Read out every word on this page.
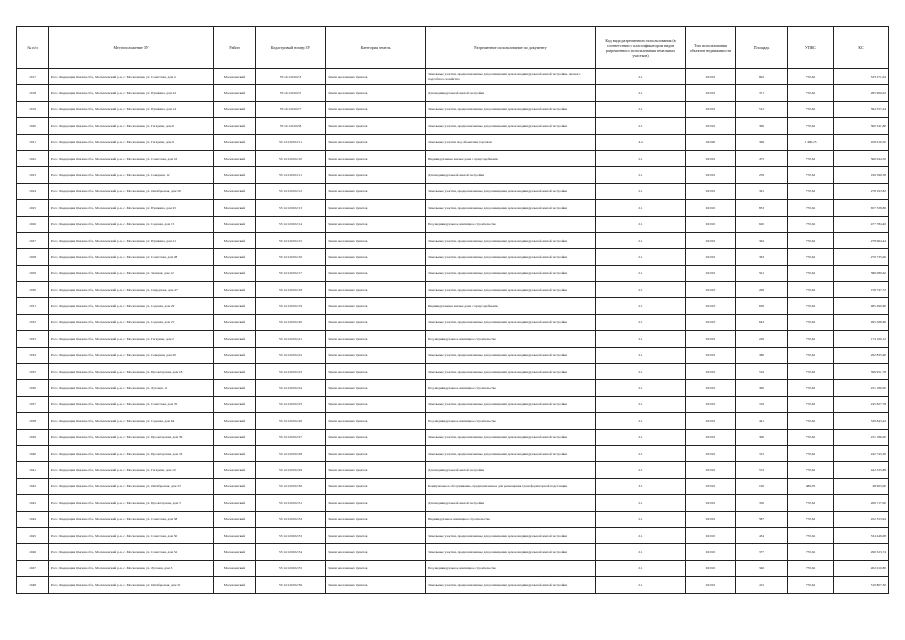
№ п/п	Местоположение ЗУ	Район	Кадастровый номер ЗУ	Категория земель	Разрешенное использование по документу	Код вида разрешенного использования (в соответствии с классификатором видов разрешенного использования земельных участков)	Тип использования объектов недвижимости	Площадь	УПКС	КС
1017	Росс. Федерация Омская обл., Москаленский р-н, с. Москаленки, ул. Советская, дом 4	Москаленский	55:14:120102:3	Земли населенных пунктов	Земельные участки, предназначенные для размещения домов индивидуальной жилой застройки, личного подсобного хозяйства	2.1	02:010	692	770,62	533 271,04
1018	Росс. Федерация Омская обл., Москаленский р-н, с. Москаленки, ул. Пушкина, дом 22	Москаленский	55:14:120102:5	Земли населенных пунктов	Для индивидуальной жилой застройки	2.1	02:010	371	770,62	285 900,02
1019	Росс. Федерация Омская обл., Москаленский р-н, с. Москаленки, ул. Пушкина, дом 14	Москаленский	55:14:120102:7	Земли населенных пунктов	Земельные участки, предназначенные для размещения домов индивидуальной жилой застройки	2.1	02:010	512	770,62	394 557,44
1020	Росс. Федерация Омская обл., Москаленский р-н, с. Москаленки, ул. Гагарина, дом 6	Москаленский	55:14:120102:8	Земли населенных пунктов	Земельные участки, предназначенные для размещения домов индивидуальной жилой застройки	2.1	02:010	390	770,62	300 541,80
1021	Росс. Федерация Омская обл., Москаленский р-н, с. Москаленки, ул. Гагарина, дом 9	Москаленский	55:14:120102:11	Земли населенных пунктов	Земельные участки под объектами торговли	4.4	04:040	306	1 490,25	456 016,50
1022	Росс. Федерация Омская обл., Москаленский р-н, с. Москаленки, ул. Советская, дом 16	Москаленский	55:14:120102:10	Земли населенных пунктов	Индивидуальные жилые дома с приусадебными	2.1	02:010	475	770,62	366 044,50
1023	Росс. Федерация Омская обл., Москаленский р-н, с. Москаленки, ул. Северная, 12	Москаленский	55:14:120102:11	Земли населенных пунктов	Для индивидуальной жилой застройки	2.1	02:010	259	770,62	199 590,58
1024	Росс. Федерация Омская обл., Москаленский р-н, с. Москаленки, ул. Октябрьская, дом 58	Москаленский	55:14:120102:12	Земли населенных пунктов	Земельные участки, предназначенные для размещения домов индивидуальной жилой застройки	2.1	02:010	361	770,62	278 193,82
1025	Росс. Федерация Омская обл., Москаленский р-н, с. Москаленки, ул. Пушкина, дом 25	Москаленский	55:14:120102:13	Земли населенных пунктов	Земельные участки, предназначенные для размещения домов индивидуальной жилой застройки	2.1	02:010	853	770,62	657 338,86
1026	Росс. Федерация Омская обл., Москаленский р-н, с. Москаленки, ул. Садовая, дом 15	Москаленский	55:14:120102:14	Земли населенных пунктов	Под индивидуальное жилищное строительство	2.1	02:010	620	770,62	477 784,40
1027	Росс. Федерация Омская обл., Москаленский р-н, с. Москаленки, ул. Пушкина, дом 21	Москаленский	55:14:120102:15	Земли населенных пунктов	Земельные участки, предназначенные для размещения домов индивидуальной жилой застройки	2.1	02:010	362	770,62	278 964,44
1028	Росс. Федерация Омская обл., Москаленский р-н, с. Москаленки, ул. Советская, дом 28	Москаленский	55:14:120102:16	Земли населенных пунктов	Земельные участки, предназначенные для размещения домов индивидуальной жилой застройки	2.1	02:010	363	770,62	279 735,06
1029	Росс. Федерация Омская обл., Москаленский р-н, с. Москаленки, ул. Зеленая, дом 12	Москаленский	55:14:120102:17	Земли населенных пунктов	Земельные участки, предназначенные для размещения домов индивидуальной жилой застройки	2.1	02:010	501	770,62	386 080,62
1030	Росс. Федерация Омская обл., Москаленский р-н, с. Москаленки, ул. Свердлова, дом 47	Москаленский	55:14:120102:18	Земли населенных пунктов	Земельные участки, предназначенные для размещения домов индивидуальной жилой застройки	2.1	02:010	206	770,62	158 747,72
1031	Росс. Федерация Омская обл., Москаленский р-н, с. Москаленки, ул. Садовая, дом 29	Москаленский	55:14:120102:19	Земли населенных пунктов	Индивидуальные жилые дома с приусадебными	2.1	02:010	630	770,62	485 490,60
1032	Росс. Федерация Омская обл., Москаленский р-н, с. Москаленки, ул. Садовая, дом 27	Москаленский	55:14:120102:20	Земли населенных пунктов	Земельные участки, предназначенные для размещения домов индивидуальной жилой застройки	2.1	02:010	643	770,62	495 508,66
1033	Росс. Федерация Омская обл., Москаленский р-н, с. Москаленки, ул. Гагарина, дом 2	Москаленский	55:14:120102:21	Земли населенных пунктов	Под индивидуальное жилищное строительство	2.1	02:010	226	770,62	174 160,12
1034	Росс. Федерация Омская обл., Москаленский р-н, с. Москаленки, ул. Северная, дом 20	Москаленский	55:14:120102:22	Земли населенных пунктов	Земельные участки, предназначенные для размещения домов индивидуальной жилой застройки	2.1	02:010	380	770,62	292 835,60
1035	Росс. Федерация Омская обл., Москаленский р-н, с. Москаленки, ул. Пролетарская, дом 18	Москаленский	55:14:120102:23	Земли населенных пунктов	Земельные участки, предназначенные для размещения домов индивидуальной жилой застройки	2.1	02:010	519	770,62	399 951,78
1036	Росс. Федерация Омская обл., Москаленский р-н, с. Москаленки, ул. Луговая, 11	Москаленский	55:14:120102:24	Земли населенных пунктов	Под индивидуальное жилищное строительство	2.1	02:010	300	770,62	231 186,00
1037	Росс. Федерация Омская обл., Москаленский р-н, с. Москаленки, ул. Советская, дом 35	Москаленский	55:14:120102:25	Земли населенных пунктов	Земельные участки, предназначенные для размещения домов индивидуальной жилой застройки	2.1	02:010	319	770,62	245 827,78
1038	Росс. Федерация Омская обл., Москаленский р-н, с. Москаленки, ул. Садовая, дом 64	Москаленский	55:14:120102:26	Земли населенных пунктов	Под индивидуальное жилищное строительство	2.1	02:010	441	770,62	339 843,42
1039	Росс. Федерация Омская обл., Москаленский р-н, с. Москаленки, ул. Пролетарская, дом 39	Москаленский	55:14:120102:27	Земли населенных пунктов	Земельные участки, предназначенные для размещения домов индивидуальной жилой застройки	2.1	02:010	300	770,62	231 186,00
1040	Росс. Федерация Омская обл., Москаленский р-н, с. Москаленки, ул. Пролетарская, дом 33	Москаленский	55:14:120102:28	Земли населенных пунктов	Земельные участки, предназначенные для размещения домов индивидуальной жилой застройки	2.1	02:010	315	770,62	242 745,30
1041	Росс. Федерация Омская обл., Москаленский р-н, с. Москаленки, ул. Гагарина, дом 10	Москаленский	55:14:120102:29	Земли населенных пунктов	Для индивидуальной жилой застройки	2.1	02:010	574	770,62	442 335,88
1042	Росс. Федерация Омская обл., Москаленский р-н, с. Москаленки, ул. Октябрьская, дом 23	Москаленский	55:14:120102:30	Земли населенных пунктов	Коммунальное обслуживание, предназначенное для размещения трансформаторной подстанции	3.1	03:010	100	489,05	48 905,00
1043	Росс. Федерация Омская обл., Москаленский р-н, с. Москаленки, ул. Пролетарская, дом 3	Москаленский	55:14:120102:31	Земли населенных пунктов	Для индивидуальной жилой застройки	2.1	02:010	350	770,62	269 717,00
1044	Росс. Федерация Омская обл., Москаленский р-н, с. Москаленки, ул. Советская, дом 58	Москаленский	55:14:120102:32	Земли населенных пунктов	Индивидуальное жилищное строительство	2.1	02:010	587	770,62	452 353,94
1045	Росс. Федерация Омская обл., Москаленский р-н, с. Москаленки, ул. Советская, дом 50	Москаленский	55:14:120102:33	Земли населенных пунктов	Земельные участки, предназначенные для размещения домов индивидуальной жилой застройки	2.1	02:010	434	770,62	334 449,08
1046	Росс. Федерация Омская обл., Москаленский р-н, с. Москаленки, ул. Советская, дом 52	Москаленский	55:14:120102:34	Земли населенных пунктов	Земельные участки, предназначенные для размещения домов индивидуальной жилой застройки	2.1	02:010	377	770,62	290 523,74
1047	Росс. Федерация Омская обл., Москаленский р-н, с. Москаленки, ул. Луговая, дом 3	Москаленский	55:14:120102:35	Земли населенных пунктов	Под индивидуальное жилищное строительство	2.1	02:010	340	770,62	262 010,80
1048	Росс. Федерация Омская обл., Москаленский р-н, с. Москаленки, ул. Октябрьская, дом 31	Москаленский	55:14:120102:36	Земли населенных пунктов	Земельные участки, предназначенные для размещения домов индивидуальной жилой застройки	2.1	02:010	415	770,62	319 807,30
